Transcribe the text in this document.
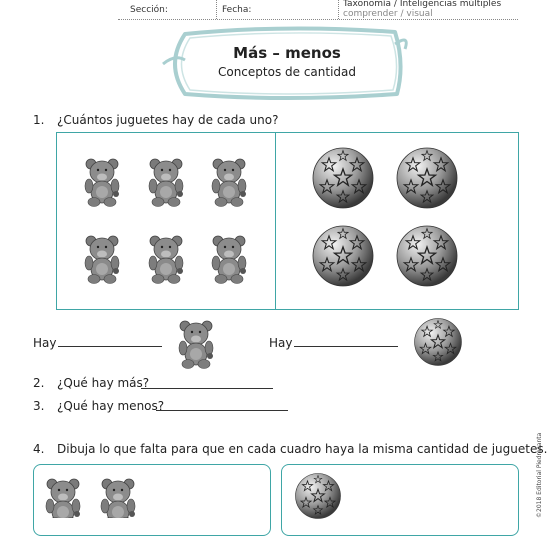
Sección:	Fecha:
Taxonomía / Inteligencias múltiples
comprender / visual
Más – menos
Conceptos de cantidad
1. ¿Cuántos juguetes hay de cada uno?
Hay	Hay
2. ¿Qué hay más?
3. ¿Qué hay menos?
4. Dibuja lo que falta para que en cada cuadro haya la misma cantidad de juguetes.
©2018 Editorial Piedrasanta
